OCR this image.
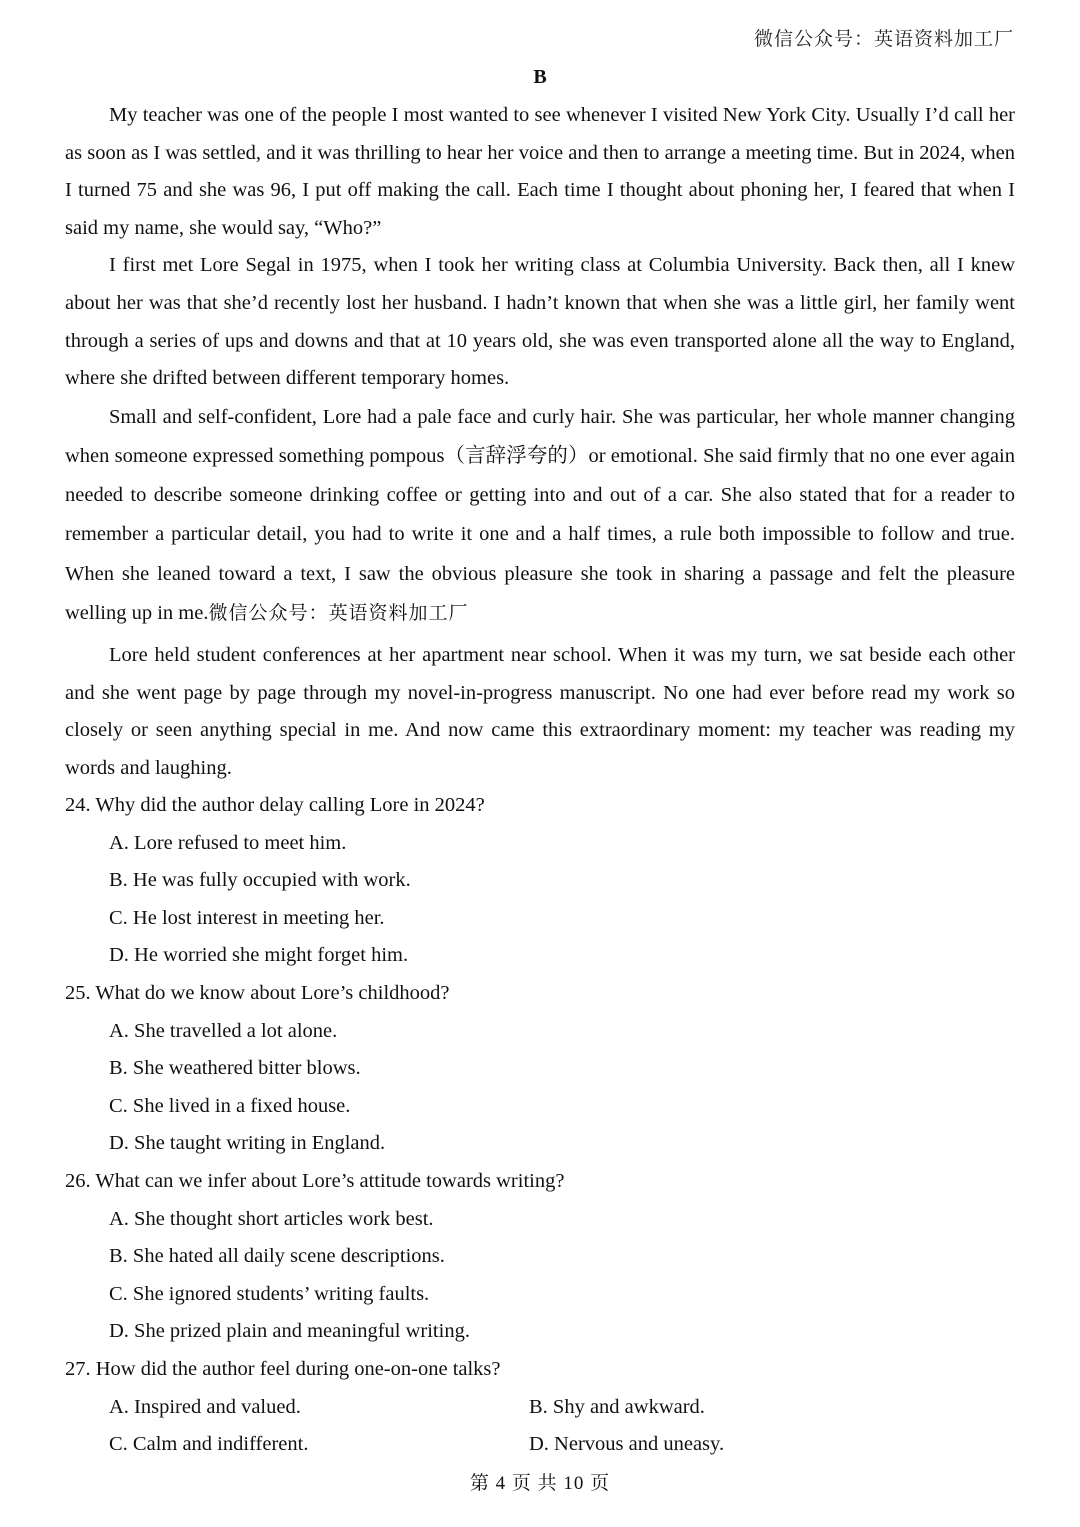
微信公众号：英语资料加工厂
B

My teacher was one of the people I most wanted to see whenever I visited New York City. Usually I’d call her as soon as I was settled, and it was thrilling to hear her voice and then to arrange a meeting time. But in 2024, when I turned 75 and she was 96, I put off making the call. Each time I thought about phoning her, I feared that when I said my name, she would say, “Who?”

I first met Lore Segal in 1975, when I took her writing class at Columbia University. Back then, all I knew about her was that she’d recently lost her husband. I hadn’t known that when she was a little girl, her family went through a series of ups and downs and that at 10 years old, she was even transported alone all the way to England, where she drifted between different temporary homes.

Small and self-confident, Lore had a pale face and curly hair. She was particular, her whole manner changing when someone expressed something pompous（言辞浮夸的）or emotional. She said firmly that no one ever again needed to describe someone drinking coffee or getting into and out of a car. She also stated that for a reader to remember a particular detail, you had to write it one and a half times, a rule both impossible to follow and true. When she leaned toward a text, I saw the obvious pleasure she took in sharing a passage and felt the pleasure welling up in me.微信公众号：英语资料加工厂

Lore held student conferences at her apartment near school. When it was my turn, we sat beside each other and she went page by page through my novel-in-progress manuscript. No one had ever before read my work so closely or seen anything special in me. And now came this extraordinary moment: my teacher was reading my words and laughing.

24. Why did the author delay calling Lore in 2024?

A. Lore refused to meet him.

B. He was fully occupied with work.

C. He lost interest in meeting her.

D. He worried she might forget him.

25. What do we know about Lore’s childhood?

A. She travelled a lot alone.

B. She weathered bitter blows.

C. She lived in a fixed house.

D. She taught writing in England.

26. What can we infer about Lore’s attitude towards writing?

A. She thought short articles work best.

B. She hated all daily scene descriptions.

C. She ignored students’ writing faults.

D. She prized plain and meaningful writing.

27. How did the author feel during one-on-one talks?

A. Inspired and valued.	B. Shy and awkward.
C. Calm and indifferent.	D. Nervous and uneasy.
第 4 页 共 10 页
